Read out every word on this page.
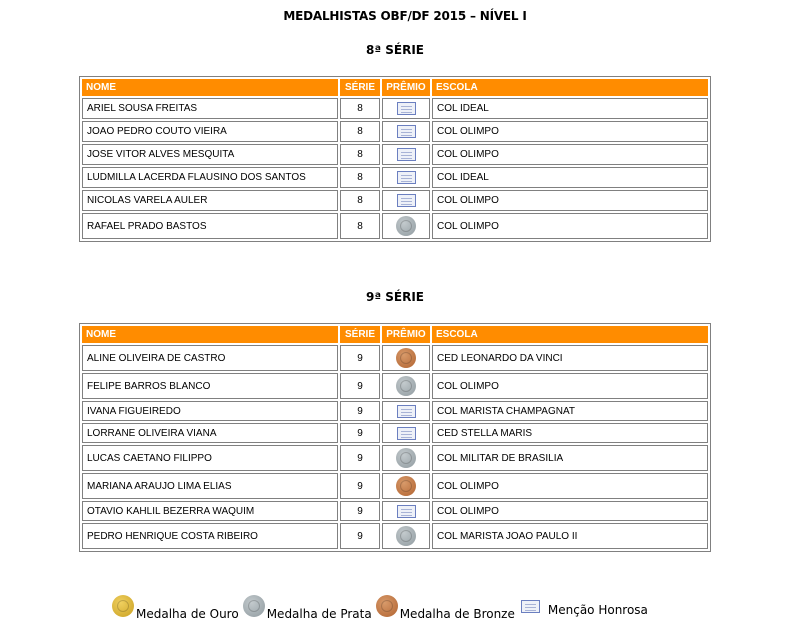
MEDALHISTAS OBF/DF 2015 – NÍVEL I
8ª SÉRIE
NOME	SÉRIE	PRÊMIO	ESCOLA
ARIEL SOUSA FREITAS	8		COL IDEAL
JOAO PEDRO COUTO VIEIRA	8		COL OLIMPO
JOSE VITOR ALVES MESQUITA	8		COL OLIMPO
LUDMILLA LACERDA FLAUSINO DOS SANTOS	8		COL IDEAL
NICOLAS VARELA AULER	8		COL OLIMPO
RAFAEL PRADO BASTOS	8		COL OLIMPO
9ª SÉRIE
NOME	SÉRIE	PRÊMIO	ESCOLA
ALINE OLIVEIRA DE CASTRO	9		CED LEONARDO DA VINCI
FELIPE BARROS BLANCO	9		COL OLIMPO
IVANA FIGUEIREDO	9		COL MARISTA CHAMPAGNAT
LORRANE OLIVEIRA VIANA	9		CED STELLA MARIS
LUCAS CAETANO FILIPPO	9		COL MILITAR DE BRASILIA
MARIANA ARAUJO LIMA ELIAS	9		COL OLIMPO
OTAVIO KAHLIL BEZERRA WAQUIM	9		COL OLIMPO
PEDRO HENRIQUE COSTA RIBEIRO	9		COL MARISTA JOAO PAULO II
Medalha de Ouro Medalha de Prata Medalha de Bronze	Menção Honrosa
